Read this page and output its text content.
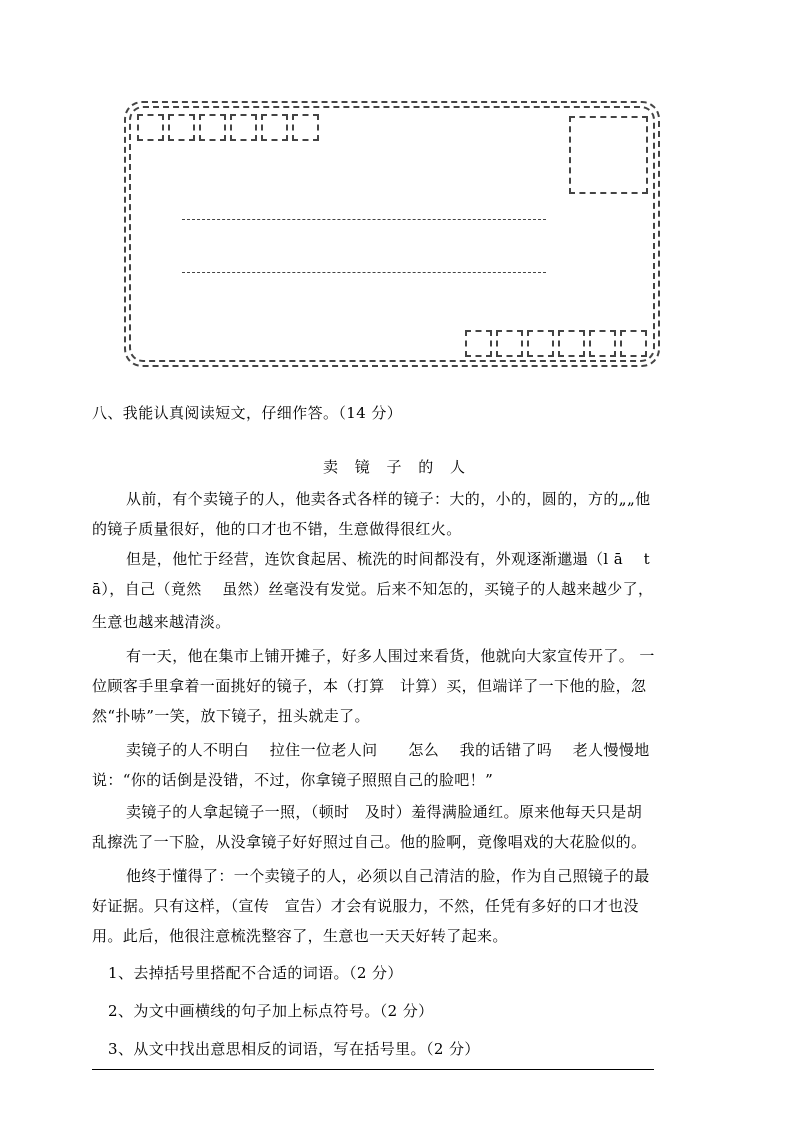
八、我能认真阅读短文，仔细作答。（14 分）
卖 镜 子 的 人
从前，有个卖镜子的人，他卖各式各样的镜子：大的，小的，圆的，方的„„他
的镜子质量很好，他的口才也不错，生意做得很红火。
但是，他忙于经营，连饮食起居、梳洗的时间都没有，外观逐渐邋遢（l ā　 t
ā），自己（竟然　 虽然）丝毫没有发觉。后来不知怎的，买镜子的人越来越少了，
生意也越来越清淡。
有一天，他在集市上铺开摊子，好多人围过来看货，他就向大家宣传开了。 一
位顾客手里拿着一面挑好的镜子，本（打算　计算）买，但端详了一下他的脸，忽
然“扑哧”一笑，放下镜子，扭头就走了。
卖镜子的人不明白　 拉住一位老人问　　怎么　 我的话错了吗　 老人慢慢地
说：“你的话倒是没错，不过，你拿镜子照照自己的脸吧！”
卖镜子的人拿起镜子一照，（顿时　及时）羞得满脸通红。原来他每天只是胡
乱擦洗了一下脸，从没拿镜子好好照过自己。他的脸啊，竟像唱戏的大花脸似的。
他终于懂得了：一个卖镜子的人，必须以自己清洁的脸，作为自己照镜子的最
好证据。只有这样，（宣传　宣告）才会有说服力，不然，任凭有多好的口才也没
用。此后，他很注意梳洗整容了，生意也一天天好转了起来。
1、去掉括号里搭配不合适的词语。（2 分）
2、为文中画横线的句子加上标点符号。（2 分）
3、从文中找出意思相反的词语，写在括号里。（2 分）
